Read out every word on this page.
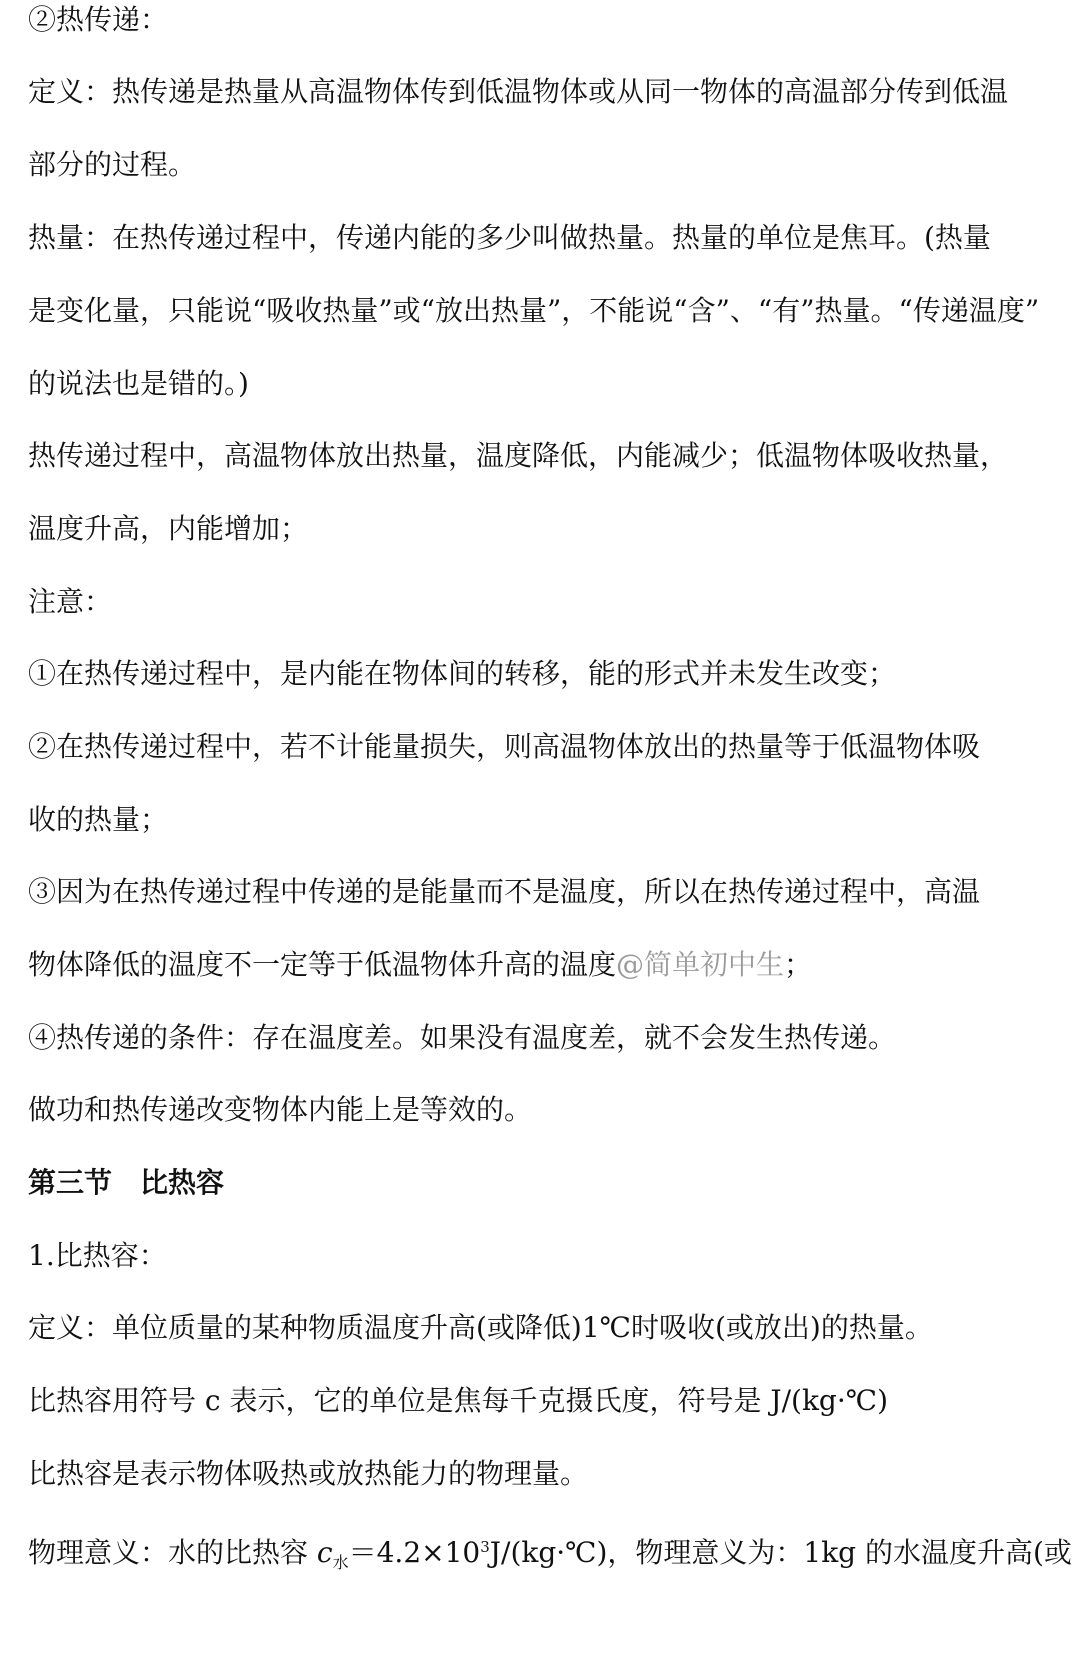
②热传递：
定义：热传递是热量从高温物体传到低温物体或从同一物体的高温部分传到低温
部分的过程。
热量：在热传递过程中，传递内能的多少叫做热量。热量的单位是焦耳。(热量
是变化量，只能说“吸收热量”或“放出热量”，不能说“含”、“有”热量。“传递温度”
的说法也是错的。)
热传递过程中，高温物体放出热量，温度降低，内能减少；低温物体吸收热量，
温度升高，内能增加；
注意：
①在热传递过程中，是内能在物体间的转移，能的形式并未发生改变；
②在热传递过程中，若不计能量损失，则高温物体放出的热量等于低温物体吸
收的热量；
③因为在热传递过程中传递的是能量而不是温度，所以在热传递过程中，高温
物体降低的温度不一定等于低温物体升高的温度@简单初中生；
④热传递的条件：存在温度差。如果没有温度差，就不会发生热传递。
做功和热传递改变物体内能上是等效的。
第三节　比热容
1.比热容：
定义：单位质量的某种物质温度升高(或降低)1℃时吸收(或放出)的热量。
比热容用符号 c 表示，它的单位是焦每千克摄氏度，符号是 J/(kg·℃)
比热容是表示物体吸热或放热能力的物理量。
物理意义：水的比热容 $c_水=4.2\times 10^3J/(kg\cdot℃)$，物理意义为：1kg 的水温度升高(或
